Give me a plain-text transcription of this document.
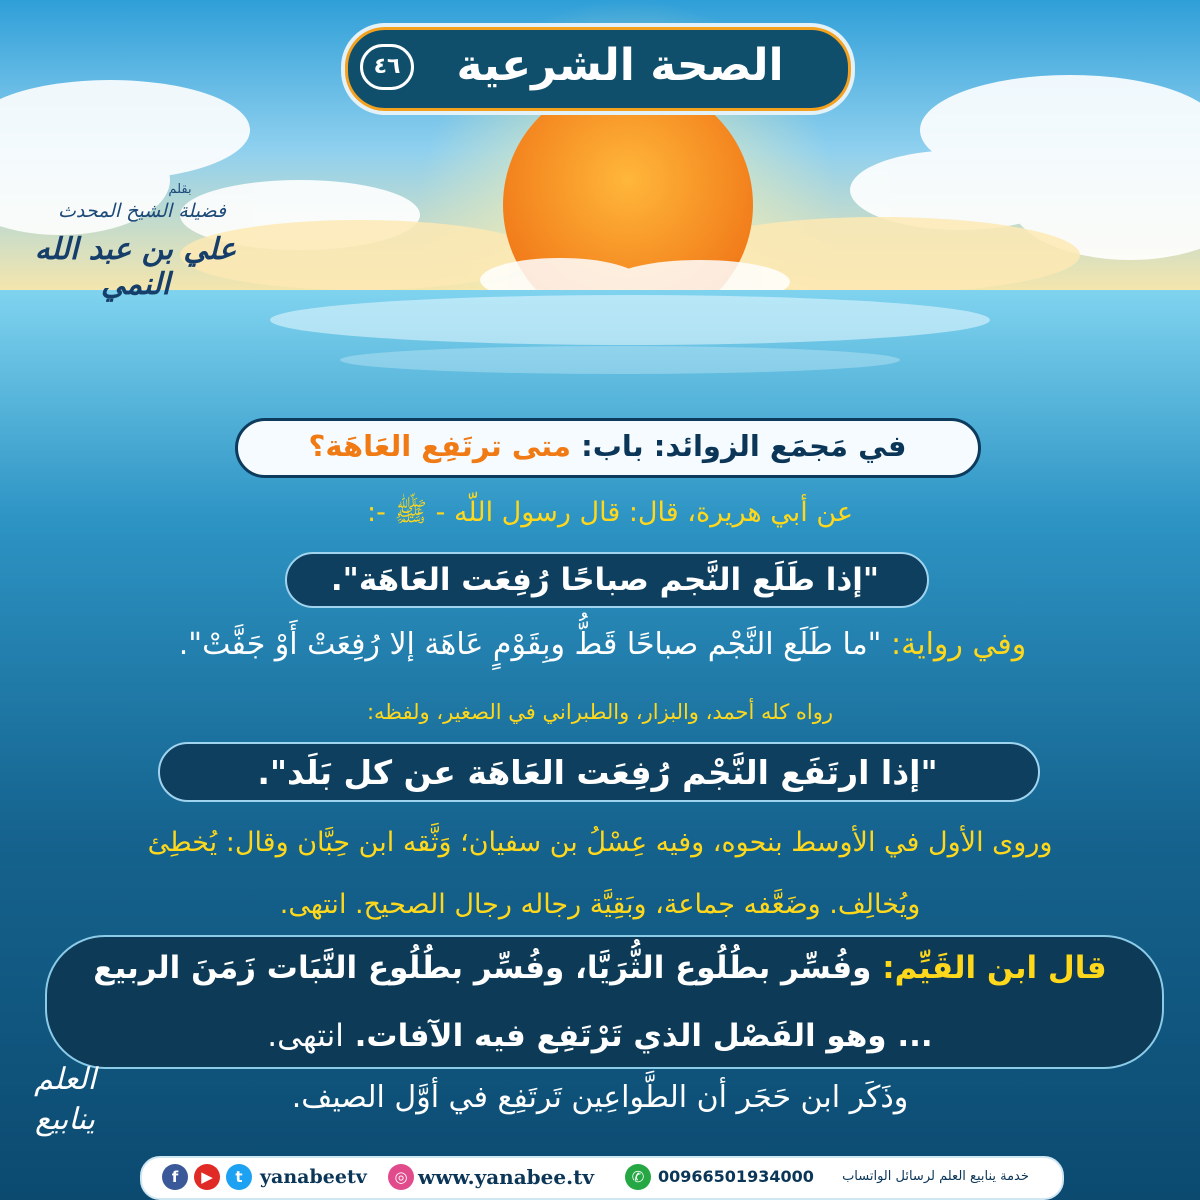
الصحة الشرعية
٤٦
بقلم
فضيلة الشيخ المحدث
علي بن عبد الله النمي
في مَجمَع الزوائد: باب: متى ترتَفِع العَاهَة؟
عن أبي هريرة، قال: قال رسول اللّه - ﷺ -:
"إذا طَلَع النَّجم صباحًا رُفِعَت العَاهَة".
وفي رواية: "ما طَلَع النَّجْم صباحًا قَطُّ وبِقَوْمٍ عَاهَة إلا رُفِعَتْ أَوْ جَفَّتْ".
رواه كله أحمد، والبزار، والطبراني في الصغير، ولفظه:
"إذا ارتَفَع النَّجْم رُفِعَت العَاهَة عن كل بَلَد".
وروى الأول في الأوسط بنحوه، وفيه عِسْلُ بن سفيان؛ وَثَّقه ابن حِبَّان وقال: يُخطِئ
ويُخالِف. وضَعَّفه جماعة، وبَقِيَّة رجاله رجال الصحيح. انتهى.
قال ابن القَيِّم: وفُسِّر بطُلُوع الثُّرَيَّا، وفُسِّر بطُلُوع النَّبَات زَمَنَ الربيع
... وهو الفَصْل الذي تَرْتَفِع فيه الآفات. انتهى.
وذَكَر ابن حَجَر أن الطَّواعِين تَرتَفِع في أوَّل الصيف.
العلم
ينابيع
خدمة ينابيع العلم لرسائل الواتساب
00966501934000
✆
www.yanabee.tv
◎
yanabeetv
t
▶
f
